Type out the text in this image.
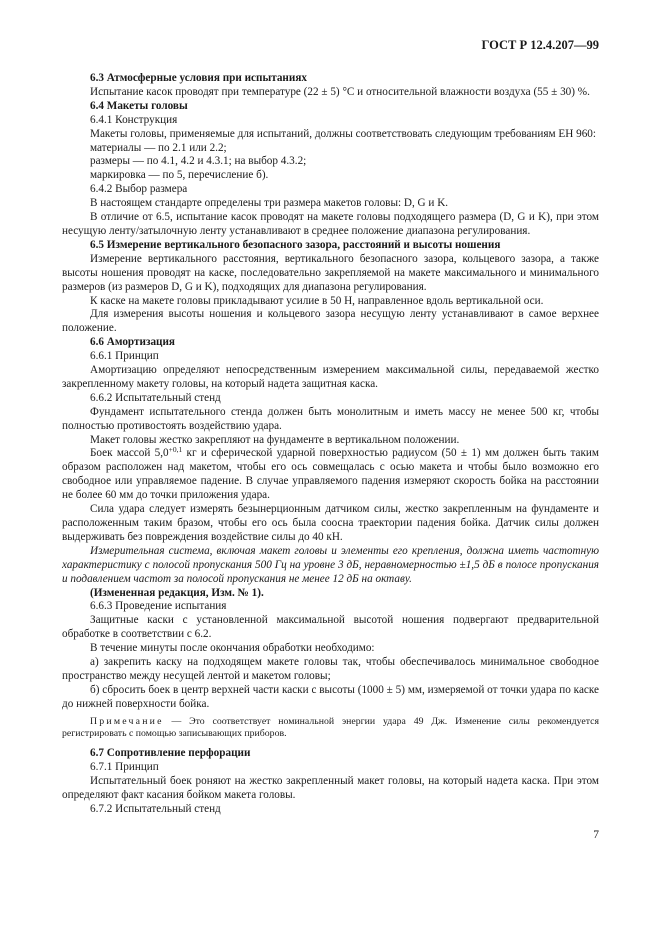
ГОСТ Р 12.4.207—99

6.3 Атмосферные условия при испытаниях

Испытание касок проводят при температуре (22 ± 5) °С и относительной влажности воздуха (55 ± 30) %.

6.4 Макеты головы

6.4.1 Конструкция

Макеты головы, применяемые для испытаний, должны соответствовать следующим требованиям ЕН 960:

материалы — по 2.1 или 2.2;

размеры — по 4.1, 4.2 и 4.3.1; на выбор 4.3.2;

маркировка — по 5, перечисление б).

6.4.2 Выбор размера

В настоящем стандарте определены три размера макетов головы: D, G и K.

В отличие от 6.5, испытание касок проводят на макете головы подходящего размера (D, G и K), при этом несущую ленту/затылочную ленту устанавливают в среднее положение диапазона регулирования.

6.5 Измерение вертикального безопасного зазора, расстояний и высоты ношения

Измерение вертикального расстояния, вертикального безопасного зазора, кольцевого зазора, а также высоты ношения проводят на каске, последовательно закрепляемой на макете максимального и минимального размеров (из размеров D, G и K), подходящих для диапазона регулирования.

К каске на макете головы прикладывают усилие в 50 Н, направленное вдоль вертикальной оси.

Для измерения высоты ношения и кольцевого зазора несущую ленту устанавливают в самое верхнее положение.

6.6 Амортизация

6.6.1 Принцип

Амортизацию определяют непосредственным измерением максимальной силы, передаваемой жестко закрепленному макету головы, на который надета защитная каска.

6.6.2 Испытательный стенд

Фундамент испытательного стенда должен быть монолитным и иметь массу не менее 500 кг, чтобы полностью противостоять воздействию удара.

Макет головы жестко закрепляют на фундаменте в вертикальном положении.

Боек массой $5,0^{+0,1}$ кг и сферической ударной поверхностью радиусом (50 ± 1) мм должен быть таким образом расположен над макетом, чтобы его ось совмещалась с осью макета и чтобы было возможно его свободное или управляемое падение. В случае управляемого падения измеряют скорость бойка на расстоянии не более 60 мм до точки приложения удара.

Сила удара следует измерять безынерционным датчиком силы, жестко закрепленным на фундаменте и расположенным таким бразом, чтобы его ось была соосна траектории падения бойка. Датчик силы должен выдерживать без повреждения воздействие силы до 40 кН.

Измерительная система, включая макет головы и элементы его крепления, должна иметь частотную характеристику с полосой пропускания 500 Гц на уровне 3 дБ, неравномерностью ±1,5 дБ в полосе пропускания и подавлением частот за полосой пропускания не менее 12 дБ на октаву.

(Измененная редакция, Изм. № 1).

6.6.3 Проведение испытания

Защитные каски с установленной максимальной высотой ношения подвергают предварительной обработке в соответствии с 6.2.

В течение минуты после окончания обработки необходимо:

а) закрепить каску на подходящем макете головы так, чтобы обеспечивалось минимальное свободное пространство между несущей лентой и макетом головы;

б) сбросить боек в центр верхней части каски с высоты (1000 ± 5) мм, измеряемой от точки удара по каске до нижней поверхности бойка.

Примечание — Это соответствует номинальной энергии удара 49 Дж. Изменение силы рекомендуется регистрировать с помощью записывающих приборов.

6.7 Сопротивление перфорации

6.7.1 Принцип

Испытательный боек роняют на жестко закрепленный макет головы, на который надета каска. При этом определяют факт касания бойком макета головы.

6.7.2 Испытательный стенд

7
